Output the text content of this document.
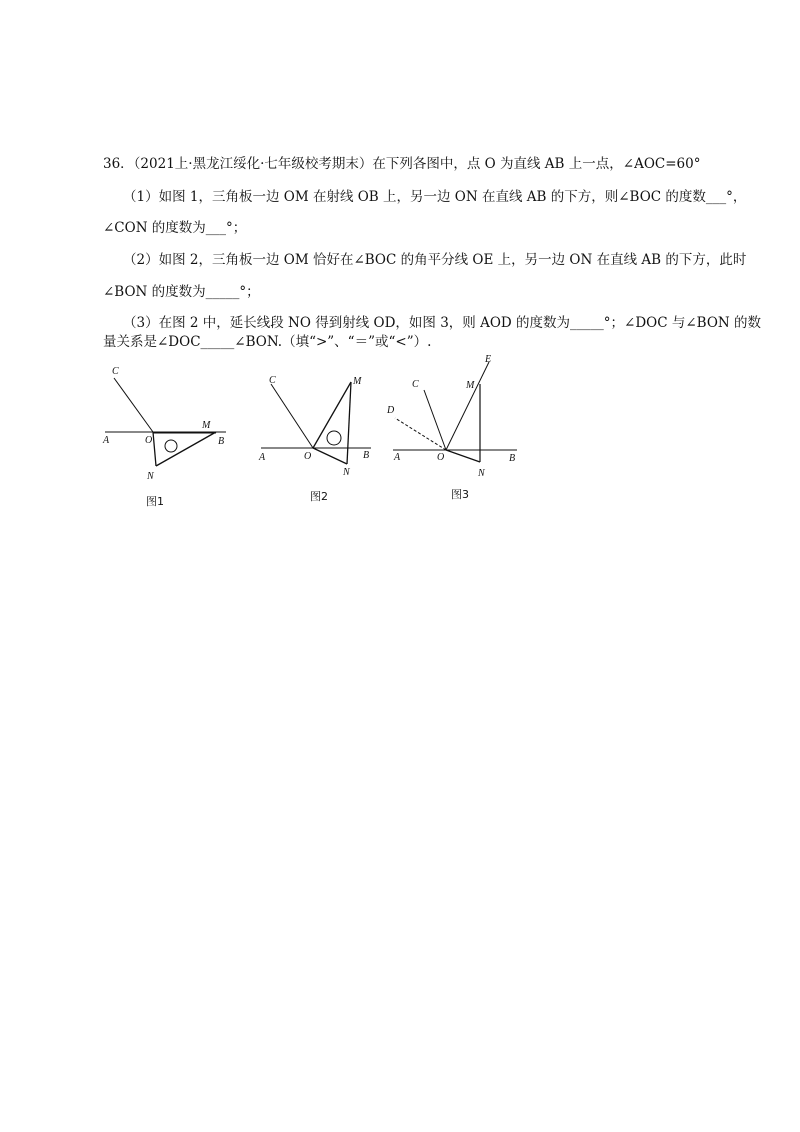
36．（2021上·黑龙江绥化·七年级校考期末）在下列各图中，点 O 为直线 AB 上一点，∠AOC=60°
（1）如图 1，三角板一边 OM 在射线 OB 上，另一边 ON 在直线 AB 的下方，则∠BOC 的度数___°，
∠CON 的度数为___°；
（2）如图 2，三角板一边 OM 恰好在∠BOC 的角平分线 OE 上，另一边 ON 在直线 AB 的下方，此时
∠BON 的度数为_____°；
（3）在图 2 中，延长线段 NO 得到射线 OD，如图 3，则 AOD 的度数为_____°；∠DOC 与∠BON 的数
量关系是∠DOC_____∠BON.（填“>”、“＝”或“<”）.
C
A	O
M
B
N
图1
C	M
A	O	B
N
图2
E
C	M
D
A	O	B
N
图3
